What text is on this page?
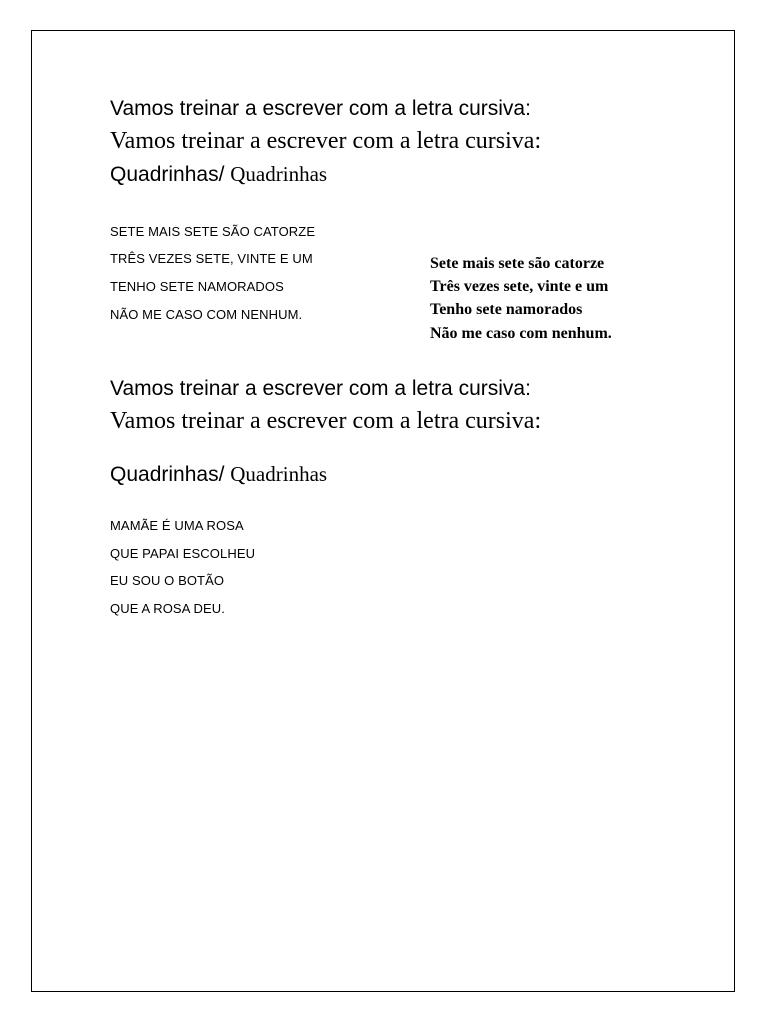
Vamos treinar a escrever com a letra cursiva:

Vamos treinar a escrever com a letra cursiva:

Quadrinhas/ Quadrinhas

SETE MAIS SETE SÃO CATORZE

TRÊS VEZES SETE, VINTE E UM

TENHO SETE NAMORADOS

NÃO ME CASO COM NENHUM.

Sete mais sete são catorze

Três vezes sete, vinte e um

Tenho sete namorados

Não me caso com nenhum.

Vamos treinar a escrever com a letra cursiva:

Vamos treinar a escrever com a letra cursiva:

Quadrinhas/ Quadrinhas

MAMÃE É UMA ROSA

QUE PAPAI ESCOLHEU

EU SOU O BOTÃO

QUE A ROSA DEU.
